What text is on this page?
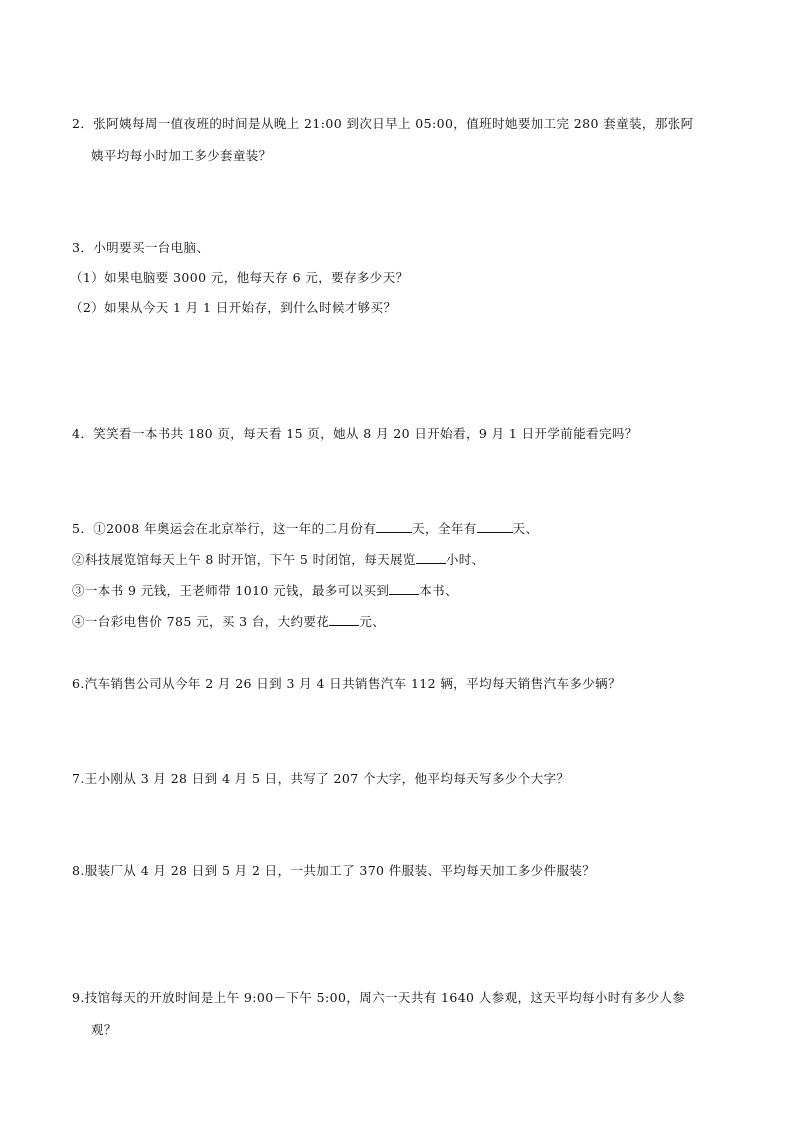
2．张阿姨每周一值夜班的时间是从晚上 21:00 到次日早上 05:00，值班时她要加工完 280 套童装，那张阿
姨平均每小时加工多少套童装？
3．小明要买一台电脑、
（1）如果电脑要 3000 元，他每天存 6 元，要存多少天？
（2）如果从今天 1 月 1 日开始存，到什么时候才够买？
4．笑笑看一本书共 180 页，每天看 15 页，她从 8 月 20 日开始看，9 月 1 日开学前能看完吗？
5．①2008 年奥运会在北京举行，这一年的二月份有	天，全年有	天、
②科技展览馆每天上午 8 时开馆，下午 5 时闭馆，每天展览 小时、
③一本书 9 元钱，王老师带 1010 元钱，最多可以买到 本书、
④一台彩电售价 785 元，买 3 台，大约要花 元、
6.汽车销售公司从今年 2 月 26 日到 3 月 4 日共销售汽车 112 辆，平均每天销售汽车多少辆？
7.王小刚从 3 月 28 日到 4 月 5 日，共写了 207 个大字，他平均每天写多少个大字？
8.服装厂从 4 月 28 日到 5 月 2 日，一共加工了 370 件服装、平均每天加工多少件服装？
9.技馆每天的开放时间是上午 9:00－下午 5:00，周六一天共有 1640 人参观，这天平均每小时有多少人参
观？
